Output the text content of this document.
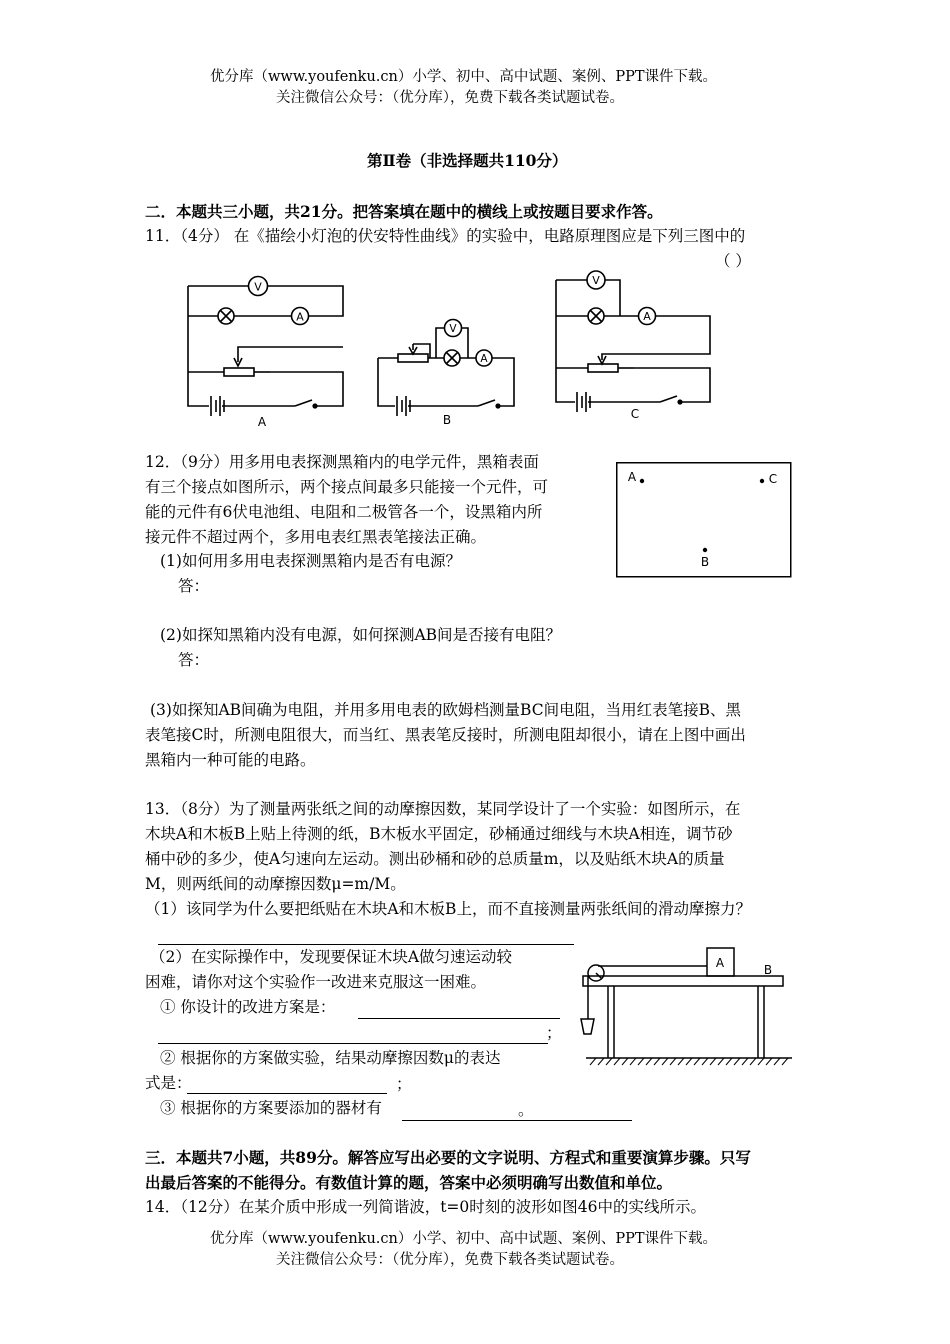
优分库（www.youfenku.cn）小学、初中、高中试题、案例、PPT课件下载。
关注微信公众号：（优分库），免费下载各类试题试卷。
第Ⅱ卷（非选择题共110分）
二．本题共三小题，共21分。把答案填在题中的横线上或按题目要求作答。
11．（4分） 在《描绘小灯泡的伏安特性曲线》的实验中，电路原理图应是下列三图中的
（ ）
V
A
A
V
A
B
V
A
C
12．（9分）用多用电表探测黑箱内的电学元件，黑箱表面
有三个接点如图所示，两个接点间最多只能接一个元件，可
能的元件有6伏电池组、电阻和二极管各一个，设黑箱内所
接元件不超过两个，多用电表红黑表笔接法正确。
(1)如何用多用电表探测黑箱内是否有电源？
答：
(2)如探知黑箱内没有电源，如何探测AB间是否接有电阻？
答：
(3)如探知AB间确为电阻，并用多用电表的欧姆档测量BC间电阻，当用红表笔接B、黑
表笔接C时，所测电阻很大，而当红、黑表笔反接时，所测电阻却很小，请在上图中画出
黑箱内一种可能的电路。
A	C
B
13．（8分）为了测量两张纸之间的动摩擦因数，某同学设计了一个实验：如图所示，在
木块A和木板B上贴上待测的纸，B木板水平固定，砂桶通过细线与木块A相连，调节砂
桶中砂的多少，使A匀速向左运动。测出砂桶和砂的总质量m，以及贴纸木块A的质量
M，则两纸间的动摩擦因数μ=m/M。
（1）该同学为什么要把纸贴在木块A和木板B上，而不直接测量两张纸间的滑动摩擦力？
（2）在实际操作中，发现要保证木块A做匀速运动较
困难，请你对这个实验作一改进来克服这一困难。
① 你设计的改进方案是：
；
② 根据你的方案做实验，结果动摩擦因数μ的表达
式是：	；
③ 根据你的方案要添加的器材有	。
A	B
三．本题共7小题，共89分。解答应写出必要的文字说明、方程式和重要演算步骤。只写
出最后答案的不能得分。有数值计算的题，答案中必须明确写出数值和单位。
14．（12分）在某介质中形成一列简谐波，t=0时刻的波形如图46中的实线所示。
优分库（www.youfenku.cn）小学、初中、高中试题、案例、PPT课件下载。
关注微信公众号：（优分库），免费下载各类试题试卷。
